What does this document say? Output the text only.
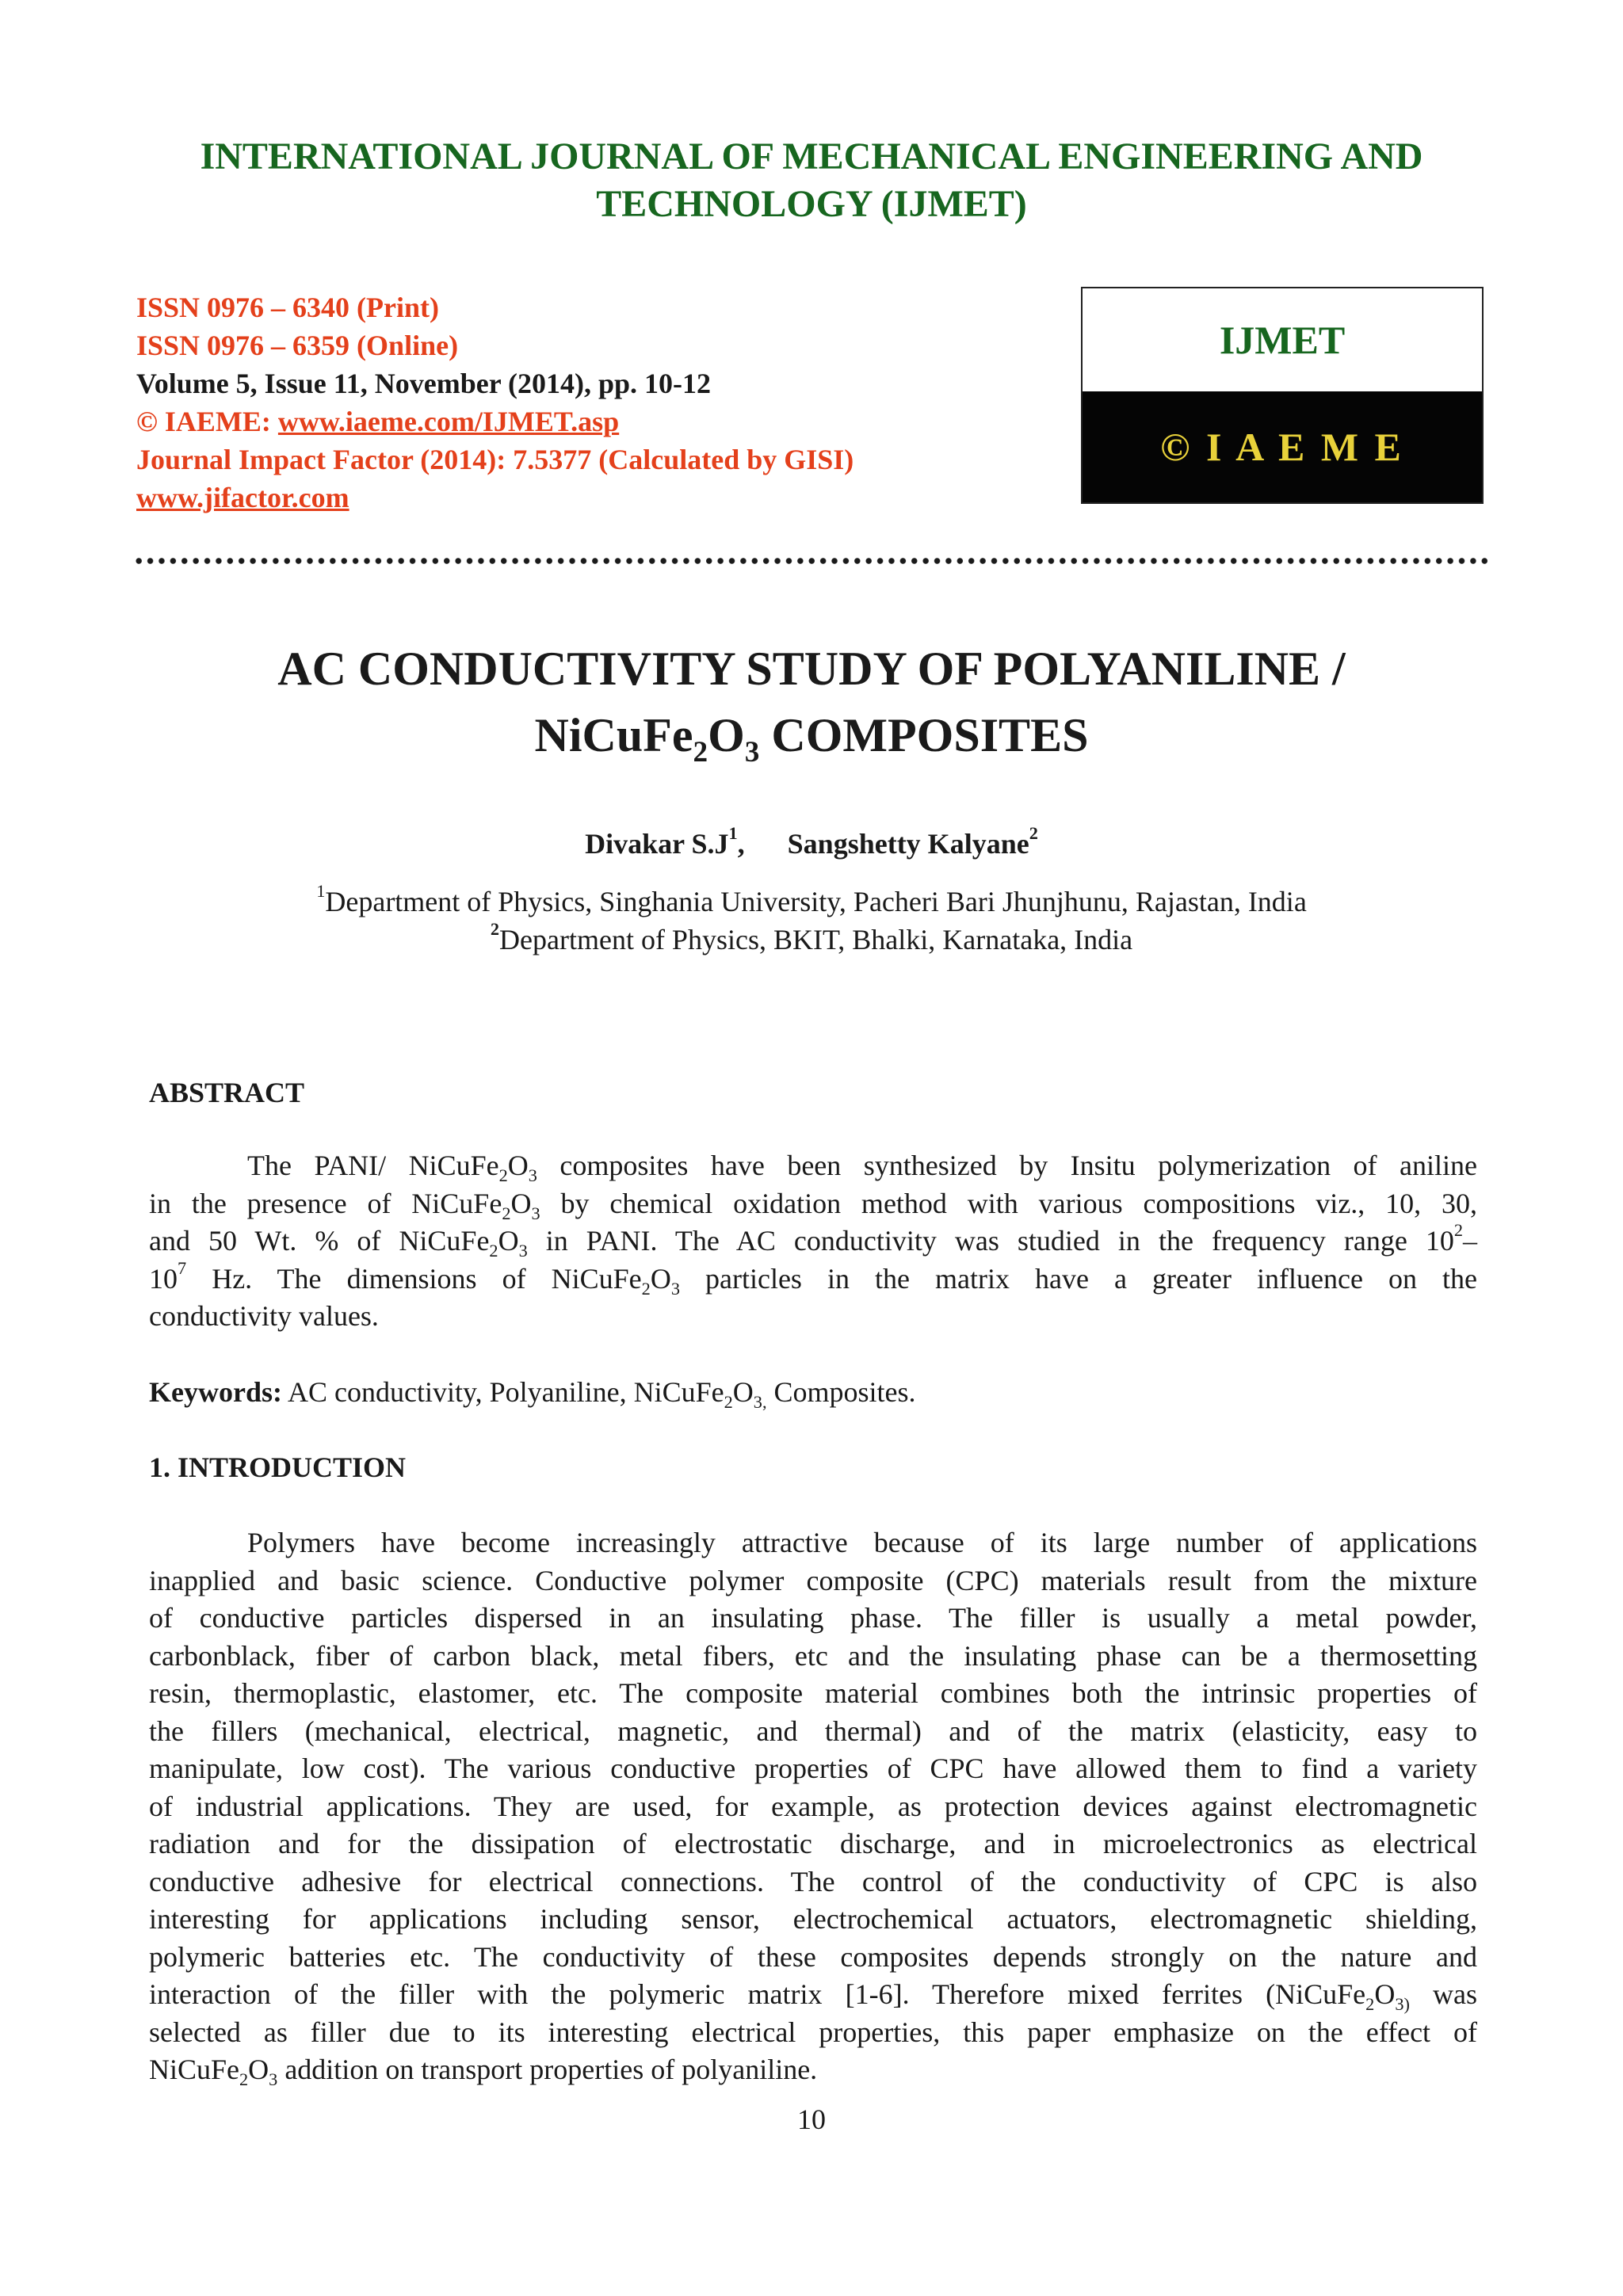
INTERNATIONAL JOURNAL OF MECHANICAL ENGINEERING AND
TECHNOLOGY (IJMET)
ISSN 0976 – 6340 (Print)
ISSN 0976 – 6359 (Online)
Volume 5, Issue 11, November (2014), pp. 10-12
© IAEME: www.iaeme.com/IJMET.asp
Journal Impact Factor (2014): 7.5377 (Calculated by GISI)
www.jifactor.com
IJMET
© I A E M E
AC CONDUCTIVITY STUDY OF POLYANILINE /
$NiCuFe_2O_3$ COMPOSITES
Divakar $S.J^1$, Sangshetty Kalyane$^2$
$^1$Department of Physics, Singhania University, Pacheri Bari Jhunjhunu, Rajastan, India
$^2$Department of Physics, BKIT, Bhalki, Karnataka, India
ABSTRACT
The PANI/ $NiCuFe_2O_3$ composites have been synthesized by Insitu polymerization of aniline
in the presence of $NiCuFe_2O_3$ by chemical oxidation method with various compositions viz., 10, 30,
and 50 Wt. % of $NiCuFe_2O_3$ in PANI. The AC conductivity was studied in the frequency range $10^2-$
$10^7$ Hz. The dimensions of $NiCuFe_2O_3$ particles in the matrix have a greater influence on the
conductivity values.
Keywords: AC conductivity, Polyaniline, $NiCuFe_2O_{3,}$ Composites.
1. INTRODUCTION
Polymers have become increasingly attractive because of its large number of applications
inapplied and basic science. Conductive polymer composite (CPC) materials result from the mixture
of conductive particles dispersed in an insulating phase. The filler is usually a metal powder,
carbonblack, fiber of carbon black, metal fibers, etc and the insulating phase can be a thermosetting
resin, thermoplastic, elastomer, etc. The composite material combines both the intrinsic properties of
the fillers (mechanical, electrical, magnetic, and thermal) and of the matrix (elasticity, easy to
manipulate, low cost). The various conductive properties of CPC have allowed them to find a variety
of industrial applications. They are used, for example, as protection devices against electromagnetic
radiation and for the dissipation of electrostatic discharge, and in microelectronics as electrical
conductive adhesive for electrical connections. The control of the conductivity of CPC is also
interesting for applications including sensor, electrochemical actuators, electromagnetic shielding,
polymeric batteries etc. The conductivity of these composites depends strongly on the nature and
interaction of the filler with the polymeric matrix [1-6]. Therefore mixed ferrites ($NiCuFe_2O_{3)}$ was
selected as filler due to its interesting electrical properties, this paper emphasize on the effect of
$NiCuFe_2O_3$ addition on transport properties of polyaniline.
10
